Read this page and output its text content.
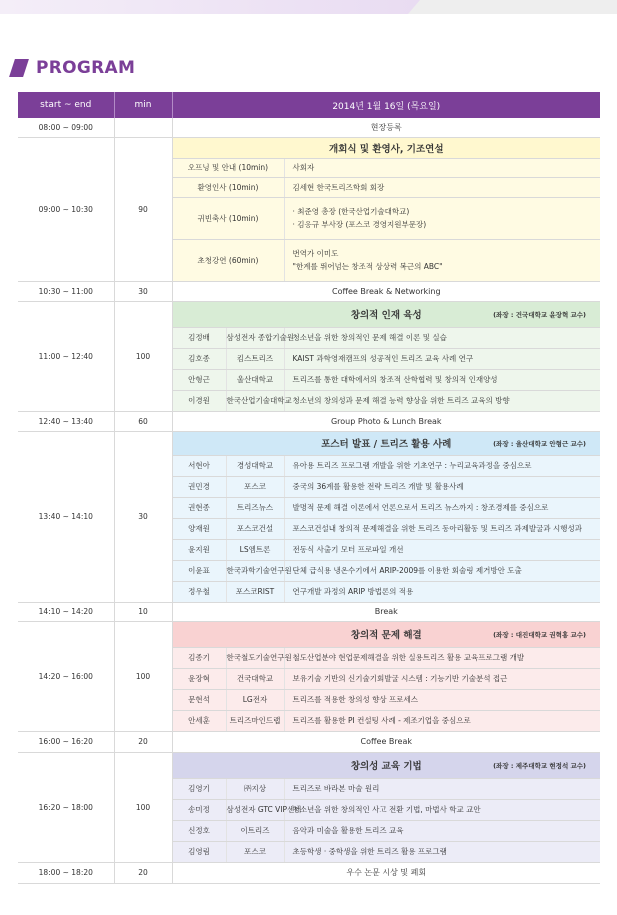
PROGRAM
start ~ end	min	2014년 1월 16일 (목요일)		
08:00 ~ 09:00		현장등록		
09:00 ~ 10:30	90	개회식 및 환영사, 기조연설		

		오프닝 및 안내 (10min)		사회자
		환영인사 (10min)		김세현 한국트리즈학회 회장
		귀빈축사 (10min)		· 최준영 총장 (한국산업기술대학교)
· 김응규 부사장 (포스코 경영지원부문장)

		초청강연 (60min)		번역가 이미도
"한계를 뛰어넘는 창조적 상상력 복근의 ABC"

10:30 ~ 11:00	30	Coffee Break & Networking		
11:00 ~ 12:40	100	창의적 인재 육성 (좌장 : 건국대학교 윤장혁 교수)		

		김정배	삼성전자 종합기술원	청소년을 위한 창의적인 문제 해결 이론 및 실습
		김호종	킴스트리즈	KAIST 과학영재캠프의 성공적인 트리즈 교육 사례 연구
		안형근	울산대학교	트리즈를 통한 대학에서의 창조적 산학협력 및 창의적 인재양성
		이경원	한국산업기술대학교	청소년의 창의성과 문제 해결 능력 향상을 위한 트리즈 교육의 방향
12:40 ~ 13:40	60	Group Photo & Lunch Break		
13:40 ~ 14:10	30	포스터 발표 / 트리즈 활용 사례 (좌장 : 울산대학교 안형근 교수)		

		서현아	경성대학교	유아용 트리즈 프로그램 개발을 위한 기초연구 : 누리교육과정을 중심으로
		권민경	포스코	중국의 36계를 활용한 전략 트리즈 개발 및 활용사례
		권현종	트리즈뉴스	발명적 문제 해결 이론에서 언론으로서 트리즈 뉴스까지 : 창조경제를 중심으로
		양재원	포스코건설	포스코건설내 창의적 문제해결을 위한 트리즈 동아리활동 및 트리즈 과제발굴과 시행성과
		윤지원	LS엠트론	전동식 사출기 모터 프로파일 개선
		이윤표	한국과학기술연구원	단체 급식용 냉온수기에서 ARIP-2009를 이용한 회술링 제거방안 도출
		정우철	포스코RIST	연구개발 과정의 ARIP 방법론의 적용
14:10 ~ 14:20	10	Break		
14:20 ~ 16:00	100	창의적 문제 해결 (좌장 : 대진대학교 권혁홍 교수)		

		김종기	한국철도기술연구원	철도산업분야 현업문제해결을 위한 실용트리즈 활용 교육프로그램 개발
		윤장혁	건국대학교	보유기술 기반의 신기술기회발굴 시스템 : 기능기반 기술분석 접근
		문현석	LG전자	트리즈를 적용한 창의성 향상 프로세스
		안세훈	트리즈마인드랩	트리즈를 활용한 PI 컨설팅 사례 - 제조기업을 중심으로
16:00 ~ 16:20	20	Coffee Break		
16:20 ~ 18:00	100	창의성 교육 기법 (좌장 : 제주대학교 현정석 교수)		

		김영기	㈜지상	트리즈로 바라본 마술 원리
		송미정	삼성전자 GTC VIP센터	청소년을 위한 창의적인 사고 전환 기법, 마법사 학교 교안
		신정호	이트리즈	음악과 미술을 활용한 트리즈 교육
		김영림	포스코	초등학생 · 중학생을 위한 트리즈 활용 프로그램
18:00 ~ 18:20	20	우수 논문 시상 및 폐회		
